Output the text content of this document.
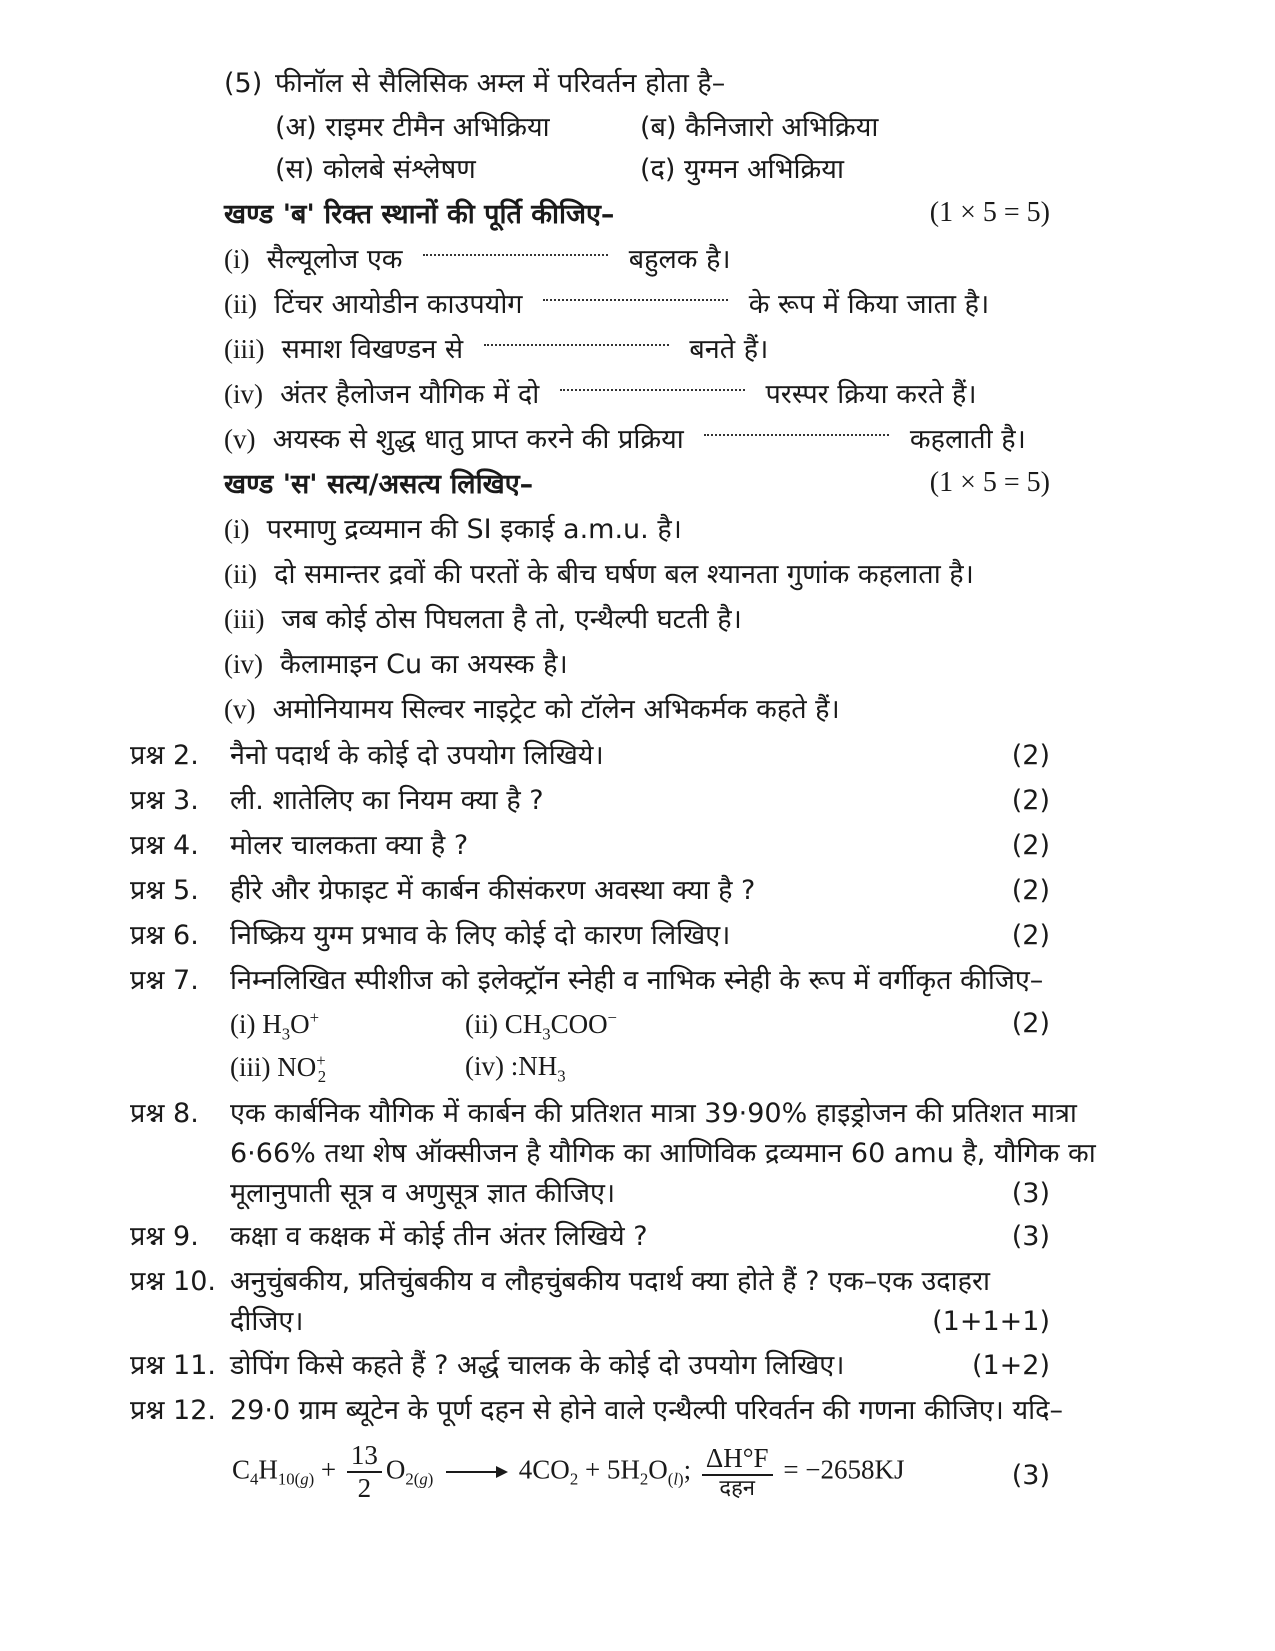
(5) फीनॉल से सैलिसिक अम्ल में परिवर्तन होता है–
(अ) राइमर टीमैन अभिक्रिया	(ब) कैनिजारो अभिक्रिया
(स) कोलबे संश्लेषण	(द) युग्मन अभिक्रिया
खण्ड 'ब' रिक्त स्थानों की पूर्ति कीजिए–	(1 × 5 = 5)
(i) सैल्यूलोज एक	बहुलक है।
(ii) टिंचर आयोडीन काउपयोग	के रूप में किया जाता है।
(iii) समाश विखण्डन से	बनते हैं।
(iv) अंतर हैलोजन यौगिक में दो	परस्पर क्रिया करते हैं।
(v) अयस्क से शुद्ध धातु प्राप्त करने की प्रक्रिया	कहलाती है।
खण्ड 'स' सत्य/असत्य लिखिए–	(1 × 5 = 5)
(i) परमाणु द्रव्यमान की SI इकाई a.m.u. है।
(ii) दो समान्तर द्रवों की परतों के बीच घर्षण बल श्यानता गुणांक कहलाता है।
(iii) जब कोई ठोस पिघलता है तो, एन्थैल्पी घटती है।
(iv) कैलामाइन Cu का अयस्क है।
(v) अमोनियामय सिल्वर नाइट्रेट को टॉलेन अभिकर्मक कहते हैं।
प्रश्न 2. नैनो पदार्थ के कोई दो उपयोग लिखिये।	(2)
प्रश्न 3. ली. शातेलिए का नियम क्या है ?	(2)
प्रश्न 4. मोलर चालकता क्या है ?	(2)
प्रश्न 5. हीरे और ग्रेफाइट में कार्बन कीसंकरण अवस्था क्या है ?	(2)
प्रश्न 6. निष्क्रिय युग्म प्रभाव के लिए कोई दो कारण लिखिए।	(2)
प्रश्न 7. निम्नलिखित स्पीशीज को इलेक्ट्रॉन स्नेही व नाभिक स्नेही के रूप में वर्गीकृत कीजिए–
(i) $H_3O^+$	(ii) $CH_3COO^-$	(2)
(iii) $NO^+_2$	(iv) $:NH_3$
प्रश्न 8. एक कार्बनिक यौगिक में कार्बन की प्रतिशत मात्रा 39·90% हाइड्रोजन की प्रतिशत मात्रा
6·66% तथा शेष ऑक्सीजन है यौगिक का आणिविक द्रव्यमान 60 amu है, यौगिक का
मूलानुपाती सूत्र व अणुसूत्र ज्ञात कीजिए।	(3)
प्रश्न 9. कक्षा व कक्षक में कोई तीन अंतर लिखिये ?	(3)
प्रश्न 10. अनुचुंबकीय, प्रतिचुंबकीय व लौहचुंबकीय पदार्थ क्या होते हैं ? एक–एक उदाहरा
दीजिए।	(1+1+1)
प्रश्न 11. डोपिंग किसे कहते हैं ? अर्द्ध चालक के कोई दो उपयोग लिखिए।	(1+2)
प्रश्न 12. 29·0 ग्राम ब्यूटेन के पूर्ण दहन से होने वाले एन्थैल्पी परिवर्तन की गणना कीजिए। यदि–
$C_4H_{10(g)} + \frac{13}{2} O_{2(g)} \to 4CO_2 + 5H_2O_{(l)}$; $\frac{\Delta H^\circ F}{\text{दहन}} = -2658KJ$	(3)
